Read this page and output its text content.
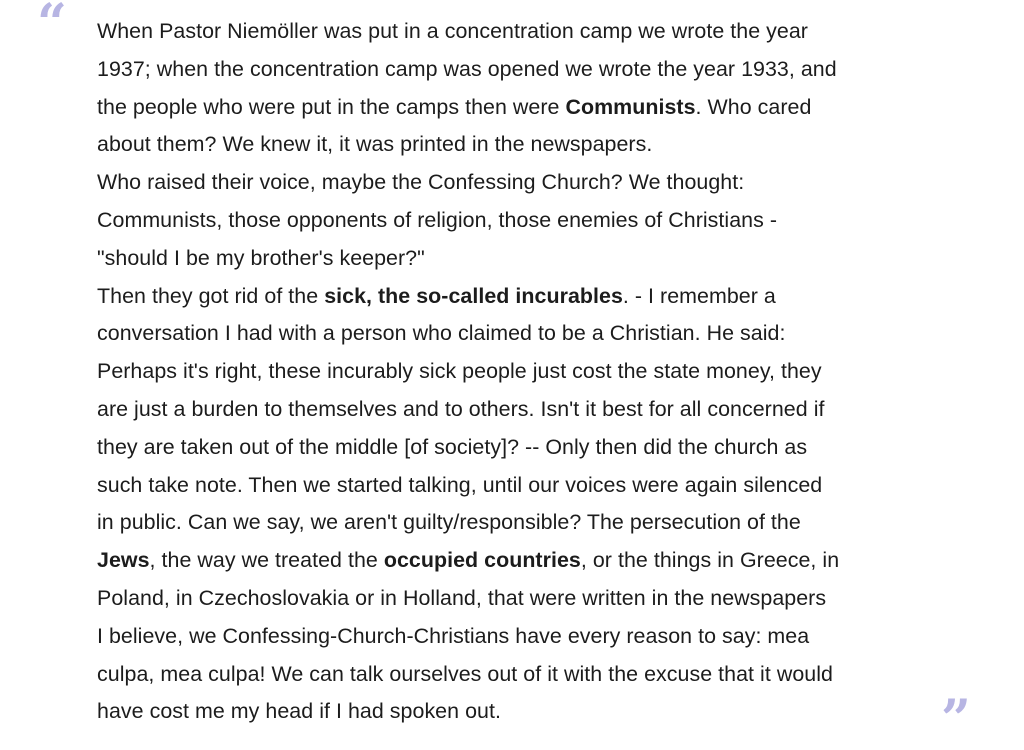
“ When Pastor Niemöller was put in a concentration camp we wrote the year
1937; when the concentration camp was opened we wrote the year 1933, and
the people who were put in the camps then were Communists. Who cared
about them? We knew it, it was printed in the newspapers.
Who raised their voice, maybe the Confessing Church? We thought:
Communists, those opponents of religion, those enemies of Christians -
"should I be my brother's keeper?"
Then they got rid of the sick, the so-called incurables. - I remember a
conversation I had with a person who claimed to be a Christian. He said:
Perhaps it's right, these incurably sick people just cost the state money, they
are just a burden to themselves and to others. Isn't it best for all concerned if
they are taken out of the middle [of society]? -- Only then did the church as
such take note. Then we started talking, until our voices were again silenced
in public. Can we say, we aren't guilty/responsible? The persecution of the
Jews, the way we treated the occupied countries, or the things in Greece, in
Poland, in Czechoslovakia or in Holland, that were written in the newspapers
I believe, we Confessing-Church-Christians have every reason to say: mea
culpa, mea culpa! We can talk ourselves out of it with the excuse that it would
have cost me my head if I had spoken out.	”
